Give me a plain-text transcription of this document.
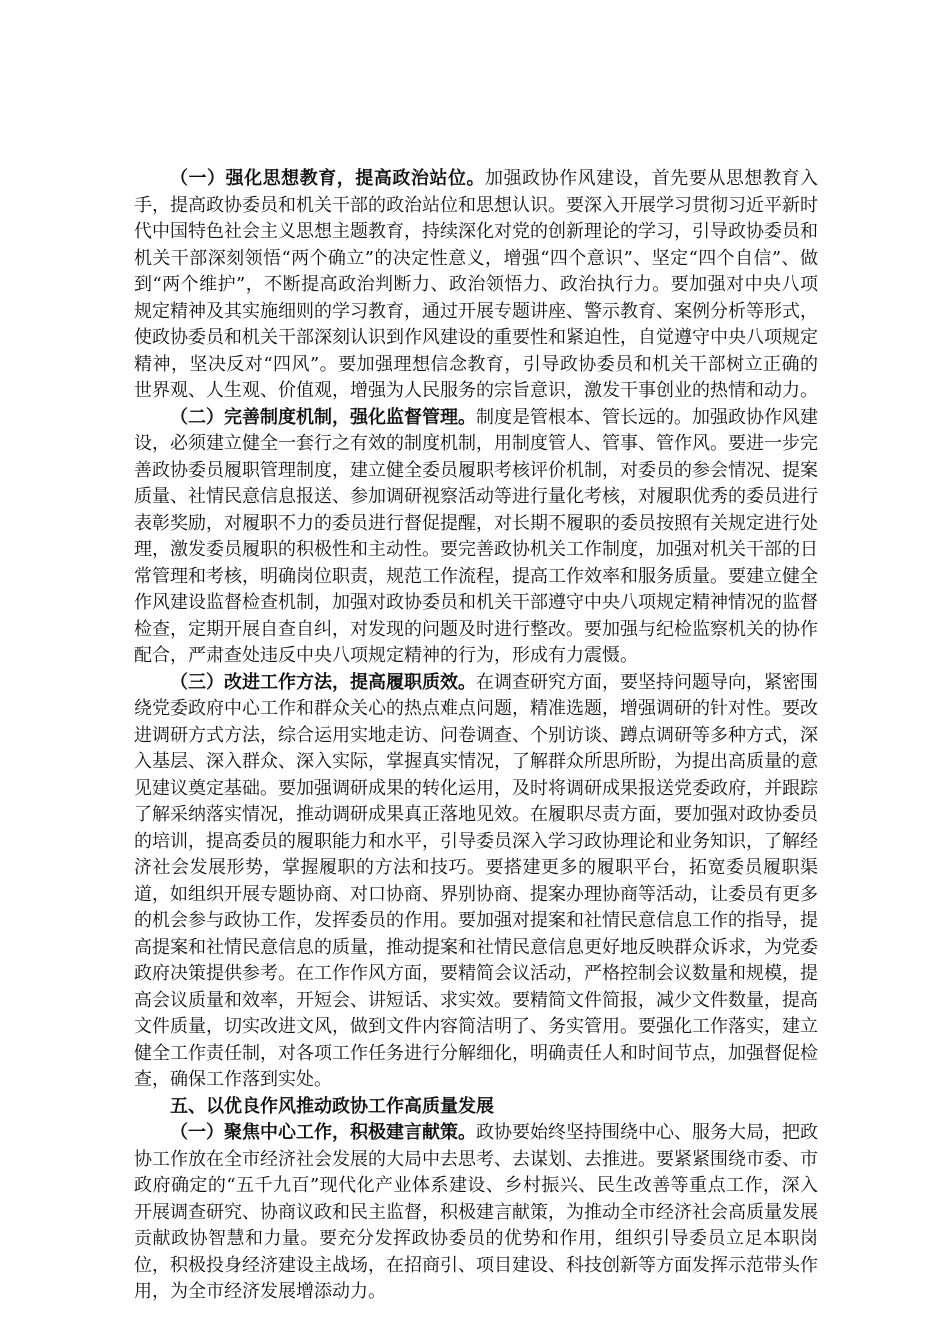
（一）强化思想教育，提高政治站位。加强政协作风建设，首先要从思想教育入手，提高政协委员和机关干部的政治站位和思想认识。要深入开展学习贯彻习近平新时代中国特色社会主义思想主题教育，持续深化对党的创新理论的学习，引导政协委员和机关干部深刻领悟“两个确立”的决定性意义，增强“四个意识”、坚定“四个自信”、做到“两个维护”，不断提高政治判断力、政治领悟力、政治执行力。要加强对中央八项规定精神及其实施细则的学习教育，通过开展专题讲座、警示教育、案例分析等形式，使政协委员和机关干部深刻认识到作风建设的重要性和紧迫性，自觉遵守中央八项规定精神，坚决反对“四风”。要加强理想信念教育，引导政协委员和机关干部树立正确的世界观、人生观、价值观，增强为人民服务的宗旨意识，激发干事创业的热情和动力。

（二）完善制度机制，强化监督管理。制度是管根本、管长远的。加强政协作风建设，必须建立健全一套行之有效的制度机制，用制度管人、管事、管作风。要进一步完善政协委员履职管理制度，建立健全委员履职考核评价机制，对委员的参会情况、提案质量、社情民意信息报送、参加调研视察活动等进行量化考核，对履职优秀的委员进行表彰奖励，对履职不力的委员进行督促提醒，对长期不履职的委员按照有关规定进行处理，激发委员履职的积极性和主动性。要完善政协机关工作制度，加强对机关干部的日常管理和考核，明确岗位职责，规范工作流程，提高工作效率和服务质量。要建立健全作风建设监督检查机制，加强对政协委员和机关干部遵守中央八项规定精神情况的监督检查，定期开展自查自纠，对发现的问题及时进行整改。要加强与纪检监察机关的协作配合，严肃查处违反中央八项规定精神的行为，形成有力震慑。

（三）改进工作方法，提高履职质效。在调查研究方面，要坚持问题导向，紧密围绕党委政府中心工作和群众关心的热点难点问题，精准选题，增强调研的针对性。要改进调研方式方法，综合运用实地走访、问卷调查、个别访谈、蹲点调研等多种方式，深入基层、深入群众、深入实际，掌握真实情况，了解群众所思所盼，为提出高质量的意见建议奠定基础。要加强调研成果的转化运用，及时将调研成果报送党委政府，并跟踪了解采纳落实情况，推动调研成果真正落地见效。在履职尽责方面，要加强对政协委员的培训，提高委员的履职能力和水平，引导委员深入学习政协理论和业务知识，了解经济社会发展形势，掌握履职的方法和技巧。要搭建更多的履职平台，拓宽委员履职渠道，如组织开展专题协商、对口协商、界别协商、提案办理协商等活动，让委员有更多的机会参与政协工作，发挥委员的作用。要加强对提案和社情民意信息工作的指导，提高提案和社情民意信息的质量，推动提案和社情民意信息更好地反映群众诉求，为党委政府决策提供参考。在工作作风方面，要精简会议活动，严格控制会议数量和规模，提高会议质量和效率，开短会、讲短话、求实效。要精简文件简报，减少文件数量，提高文件质量，切实改进文风，做到文件内容简洁明了、务实管用。要强化工作落实，建立健全工作责任制，对各项工作任务进行分解细化，明确责任人和时间节点，加强督促检查，确保工作落到实处。

五、以优良作风推动政协工作高质量发展

（一）聚焦中心工作，积极建言献策。政协要始终坚持围绕中心、服务大局，把政协工作放在全市经济社会发展的大局中去思考、去谋划、去推进。要紧紧围绕市委、市政府确定的“五千九百”现代化产业体系建设、乡村振兴、民生改善等重点工作，深入开展调查研究、协商议政和民主监督，积极建言献策，为推动全市经济社会高质量发展贡献政协智慧和力量。要充分发挥政协委员的优势和作用，组织引导委员立足本职岗位，积极投身经济建设主战场，在招商引、项目建设、科技创新等方面发挥示范带头作用，为全市经济发展增添动力。
